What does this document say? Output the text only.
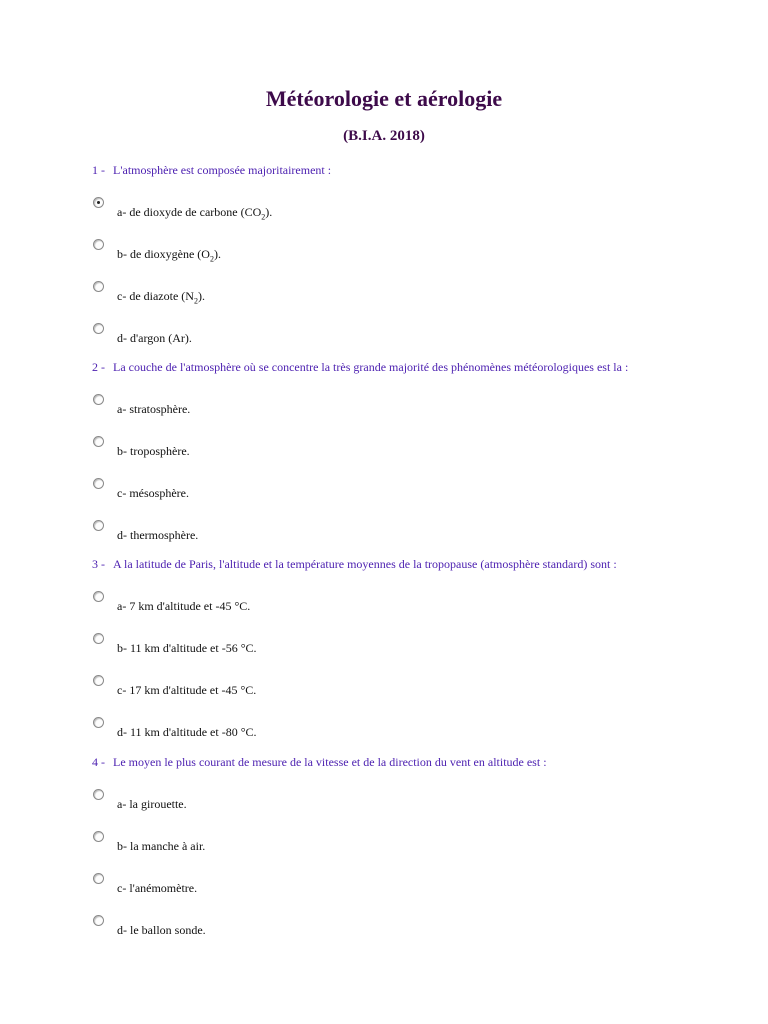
Météorologie et aérologie
(B.I.A. 2018)
1 - L'atmosphère est composée majoritairement :
a- de dioxyde de carbone $(CO_2)$.
b- de dioxygène $(O_2)$.
c- de diazote $(N_2)$.
d- d'argon (Ar).
2 - La couche de l'atmosphère où se concentre la très grande majorité des phénomènes météorologiques est la :
a- stratosphère.
b- troposphère.
c- mésosphère.
d- thermosphère.
3 - A la latitude de Paris, l'altitude et la température moyennes de la tropopause (atmosphère standard) sont :
a- 7 km d'altitude et -45 °C.
b- 11 km d'altitude et -56 °C.
c- 17 km d'altitude et -45 °C.
d- 11 km d'altitude et -80 °C.
4 - Le moyen le plus courant de mesure de la vitesse et de la direction du vent en altitude est :
a- la girouette.
b- la manche à air.
c- l'anémomètre.
d- le ballon sonde.
